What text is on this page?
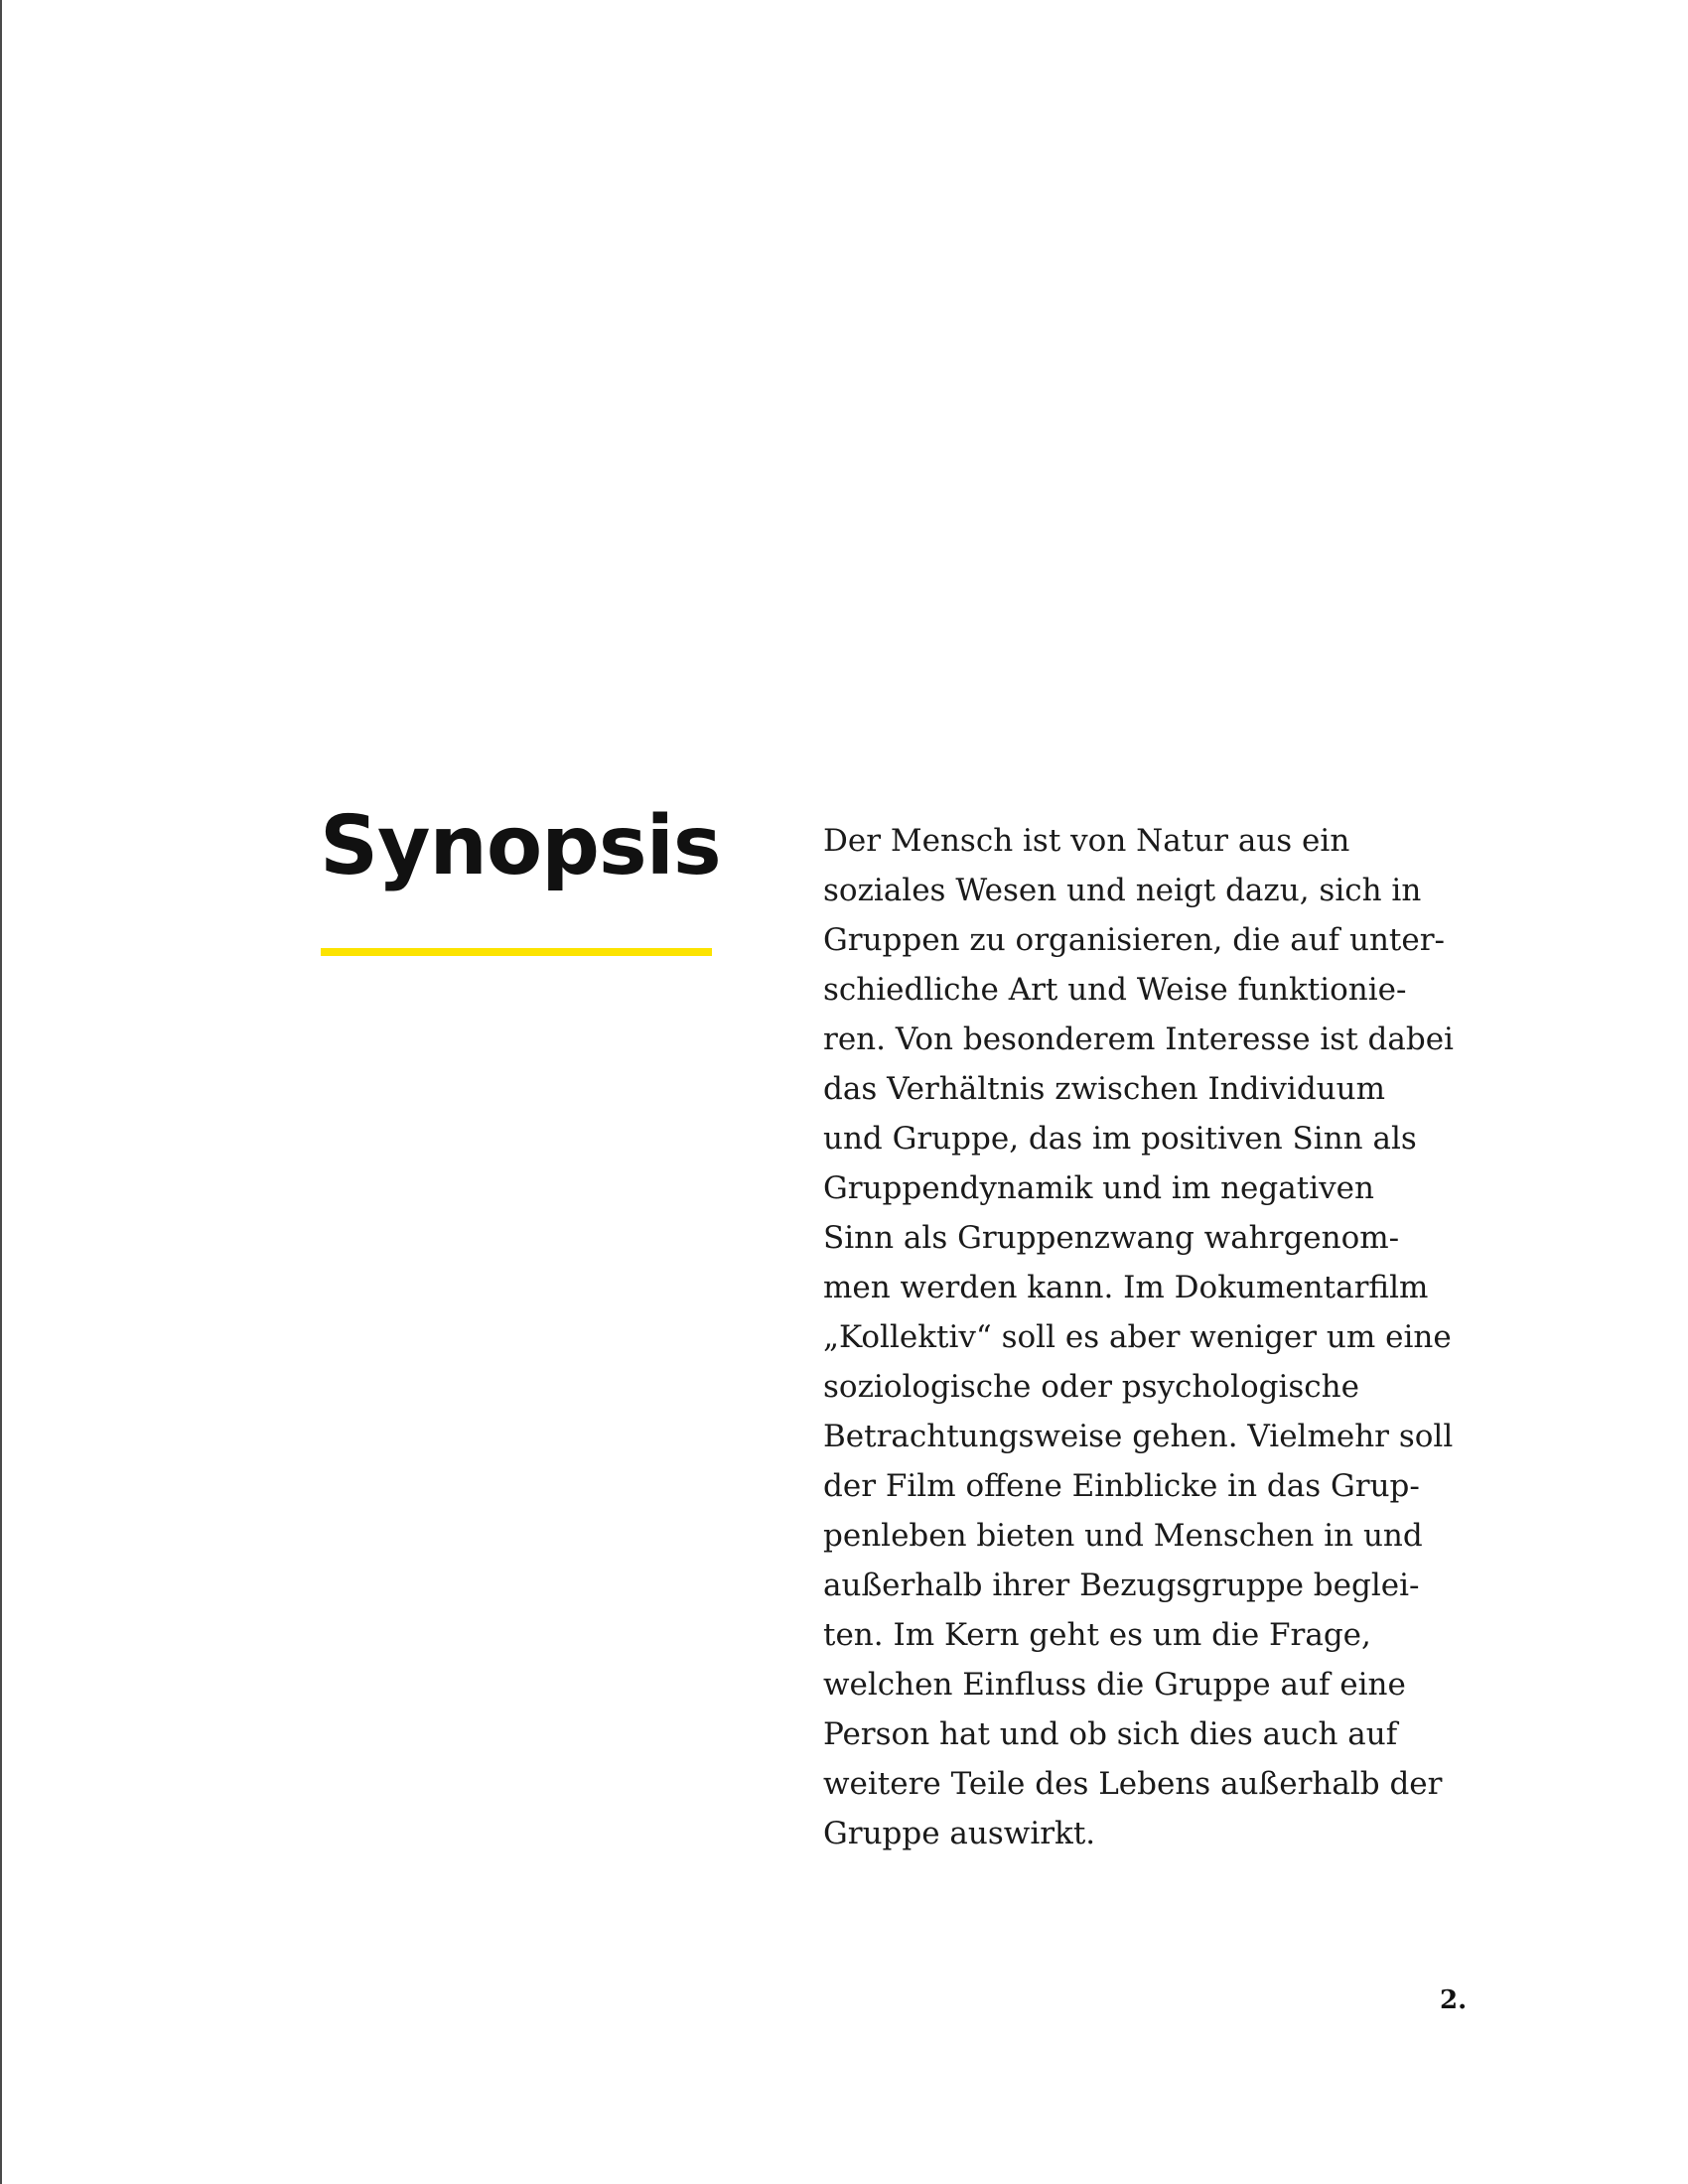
Synopsis	Der Mensch ist von Natur aus ein
soziales Wesen und neigt dazu, sich in
Gruppen zu organisieren, die auf unter-
schiedliche Art und Weise funktionie-
ren. Von besonderem Interesse ist dabei
das Verhältnis zwischen Individuum
und Gruppe, das im positiven Sinn als
Gruppendynamik und im negativen
Sinn als Gruppenzwang wahrgenom-
men werden kann. Im Dokumentarfilm
„Kollektiv“ soll es aber weniger um eine
soziologische oder psychologische
Betrachtungsweise gehen. Vielmehr soll
der Film offene Einblicke in das Grup-
penleben bieten und Menschen in und
außerhalb ihrer Bezugsgruppe beglei-
ten. Im Kern geht es um die Frage,
welchen Einfluss die Gruppe auf eine
Person hat und ob sich dies auch auf
weitere Teile des Lebens außerhalb der
Gruppe auswirkt.

2.
